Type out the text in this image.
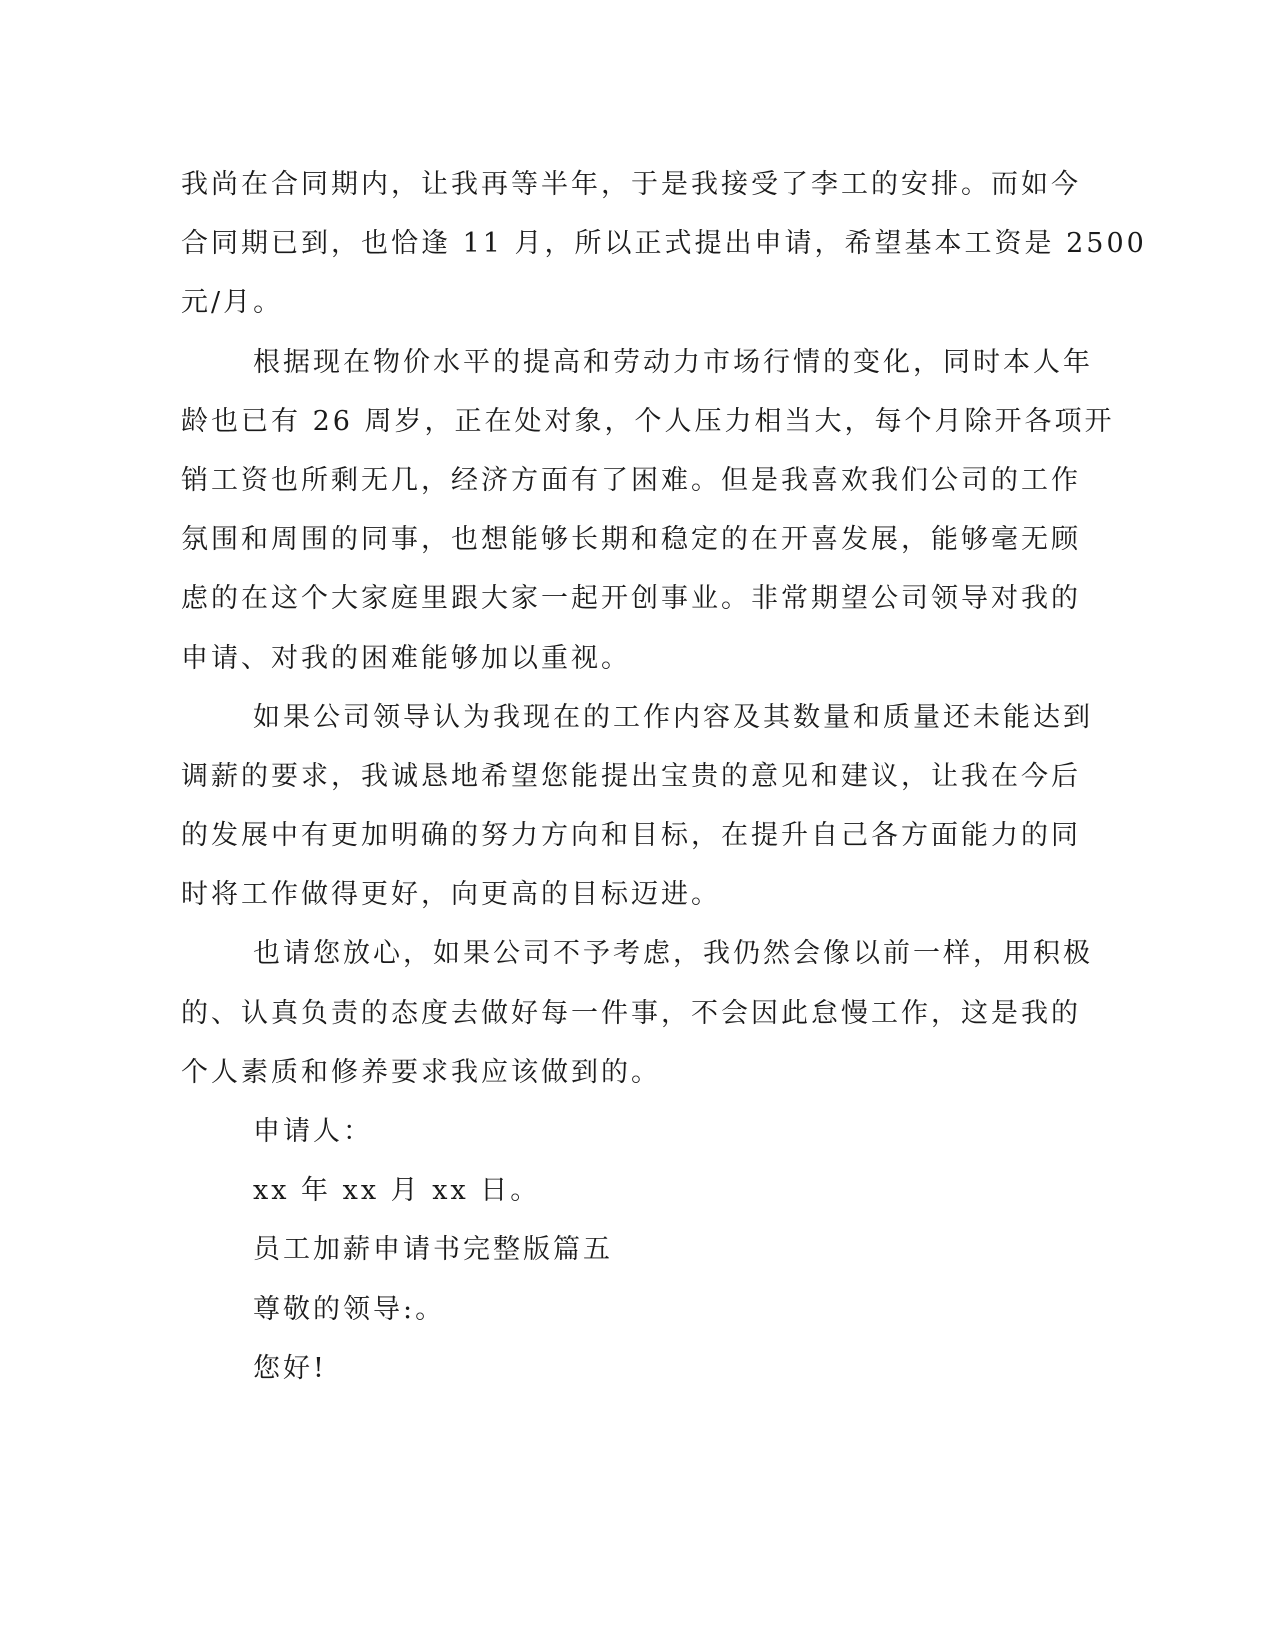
我尚在合同期内，让我再等半年，于是我接受了李工的安排。而如今
合同期已到，也恰逢 11 月，所以正式提出申请，希望基本工资是 2500
元/月。
根据现在物价水平的提高和劳动力市场行情的变化，同时本人年
龄也已有 26 周岁，正在处对象，个人压力相当大，每个月除开各项开
销工资也所剩无几，经济方面有了困难。但是我喜欢我们公司的工作
氛围和周围的同事，也想能够长期和稳定的在开喜发展，能够毫无顾
虑的在这个大家庭里跟大家一起开创事业。非常期望公司领导对我的
申请、对我的困难能够加以重视。
如果公司领导认为我现在的工作内容及其数量和质量还未能达到
调薪的要求，我诚恳地希望您能提出宝贵的意见和建议，让我在今后
的发展中有更加明确的努力方向和目标，在提升自己各方面能力的同
时将工作做得更好，向更高的目标迈进。
也请您放心，如果公司不予考虑，我仍然会像以前一样，用积极
的、认真负责的态度去做好每一件事，不会因此怠慢工作，这是我的
个人素质和修养要求我应该做到的。
申请人：
xx 年 xx 月 xx 日。
员工加薪申请书完整版篇五
尊敬的领导:。
您好!
